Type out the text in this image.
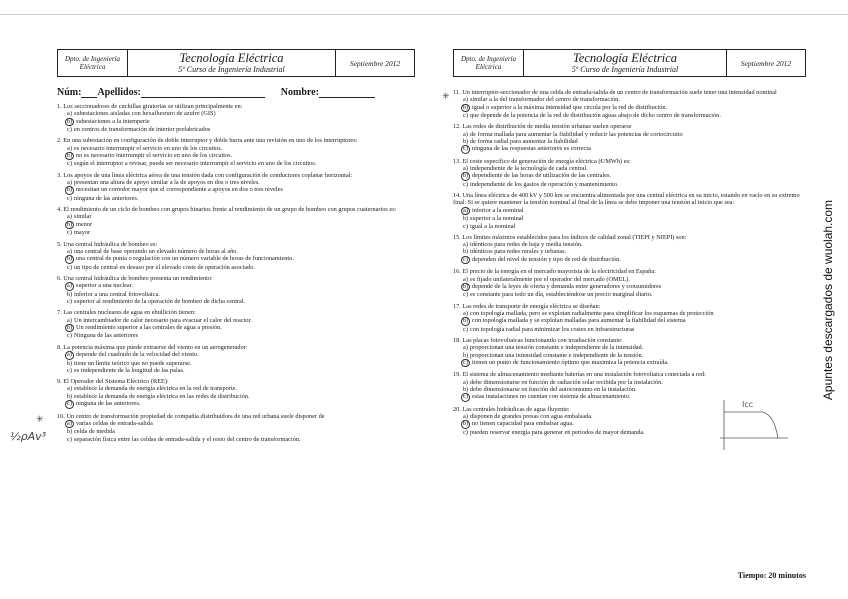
Dpto. de Ingeniería Eléctrica
Tecnología Eléctrica
5º Curso de Ingeniería Industrial
Septiembre 2012
Núm: Apellidos:	Nombre:
1. Los seccionadores de cuchillas giratorias se utilizan principalmente en:
a) subestaciones aisladas con hexafluoruro de azufre (GIS)
b) subestaciones a la intemperie
c) en centros de transformación de interior prefabricados
2. En una subestación en configuración de doble interruptor y doble barra ante una revisión en uno de los interruptores:
a) es necesario interrumpir el servicio en uno de los circuitos.
b) no es necesario interrumpir el servicio en uno de los circuitos.
c) según el interruptor a revisar, puede ser necesario interrumpir el servicio en uno de los circuitos.
3. Los apoyos de una línea eléctrica aérea de una tensión dada con configuración de conductores coplanar horizontal:
a) presentan una altura de apoyo similar a la de apoyos en dos o tres niveles.
b) necesitan un corredor mayor que el correspondiente a apoyos en dos o tres niveles
c) ninguna de las anteriores.
4. El rendimiento de un ciclo de bombeo con grupos binarios frente al rendimiento de un grupo de bombeo con grupos cuaternarios es:
a) similar
b) menor
c) mayor
5. Una central hidráulica de bombeo es:
a) una central de base operando un elevado número de horas al año.
b) una central de punta o regulación con un número variable de horas de funcionamiento.
c) un tipo de central en desuso por el elevado coste de operación asociado.
6. Una central hidráulica de bombeo presenta un rendimiento:
a) superior a una nuclear.
b) inferior a una central fotovoltaica.
c) superior al rendimiento de la operación de bombeo de dicha central.
7. Las centrales nucleares de agua en ebullición tienen:
a) Un intercambiador de calor necesario para evacuar el calor del reactor.
b) Un rendimiento superior a las centrales de agua a presión.
c) Ninguna de las anteriores
8. La potencia máxima que puede extraerse del viento en un aerogenerador:
a) depende del cuadrado de la velocidad del viento.
b) tiene un límite teórico que no puede superarse.
c) es independiente de la longitud de las palas.
9. El Operador del Sistema Eléctrico (REE):
a) establece la demanda de energía eléctrica en la red de transporte.
b) establece la demanda de energía eléctrica en las redes de distribución.
c) ninguna de las anteriores.
10. Un centro de transformación propiedad de compañía distribuidora de una red urbana suele disponer de
a) varias celdas de entrada-salida
b) celda de medida
c) separación física entre las celdas de entrada-salida y el resto del centro de transformación.
Dpto. de Ingeniería Eléctrica
Tecnología Eléctrica
5º Curso de Ingeniería Industrial
Septiembre 2012
11. Un interruptor-seccionador de una celda de entrada-salida de un centro de transformación suele tener una intensidad nominal
a) similar a la del transformador del centro de transformación.
b) igual o superior a la máxima intensidad que circula por la red de distribución.
c) que depende de la potencia de la red de distribución aguas abajo de dicho centro de transformación.
12. Las redes de distribución de media tensión urbanas suelen operarse
a) de forma mallada para aumentar la fiabilidad y reducir las potencias de cortocircuito
b) de forma radial para aumentar la fiabilidad
c) ninguna de las respuestas anteriores es correcta
13. El coste específico de generación de energía eléctrica (€/MWh) es:
a) independiente de la tecnología de cada central.
b) dependiente de las horas de utilización de las centrales.
c) independiente de los gastos de operación y mantenimiento.
14. Una línea eléctrica de 400 kV y 500 km se encuentra alimentada por una central eléctrica en su inicio, estando en vacío en su extremo final. Si se quiere mantener la tensión nominal al final de la línea se debe imponer una tensión al inicio que sea:
a) inferior a la nominal
b) superior a la nominal
c) igual a la nominal
15. Los límites máximos establecidos para los índices de calidad zonal (TIEPI y NIEPI) son:
a) idénticos para redes de baja y media tensión.
b) idénticos para redes rurales y urbanas.
c) dependen del nivel de tensión y tipo de red de distribución.
16. El precio de la energía en el mercado mayorista de la electricidad en España:
a) es fijado unilateralmente por el operador del mercado (OMEL).
b) depende de la leyes de oferta y demanda entre generadores y consumidores
c) es constante para todo un día, estableciéndose un precio marginal diario.
17. Las redes de transporte de energía eléctrica se diseñan:
a) con topología mallada, pero se explotan radialmente para simplificar los esquemas de protección
b) con topología mallada y se explotan malladas para aumentar la fiabilidad del sistema
c) con topología radial para minimizar los costes en infraestructuras
18. Las placas fotovoltaicas funcionando con irradiación constante:
a) proporcionan una tensión constante e independiente de la intensidad.
b) proporcionan una intensidad constante e independiente de la tensión.
c) tienen un punto de funcionamiento óptimo que maximiza la potencia extraída.
19. El sistema de almacenamiento mediante baterías en una instalación fotovoltaica conectada a red:
a) debe dimensionarse en función de radiación solar recibida por la instalación.
b) debe dimensionarse en función del autoconsumo en la instalación.
c) estas instalaciones no cuentan con sistema de almacenamiento.
20. Las centrales hidráulicas de agua fluyente:
a) disponen de grandes presas con agua embalsada.
b) no tienen capacidad para embalsar agua.
c) pueden reservar energía para generar en periodos de mayor demanda.
Tiempo: 20 minutos
Apuntes descargados de wuolah.com
½ρAv³
✳
✳
Icc
